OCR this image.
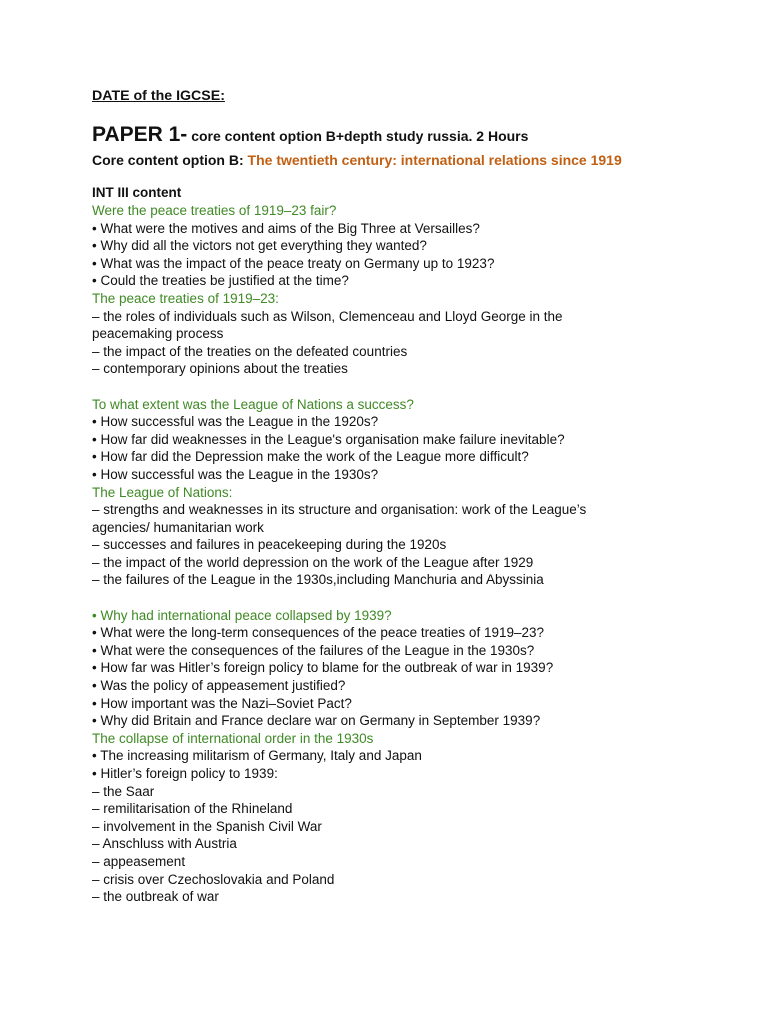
DATE of the IGCSE:

PAPER 1- core content option B+depth study russia. 2 Hours

Core content option B: The twentieth century: international relations since 1919

INT III content

Were the peace treaties of 1919–23 fair?

• What were the motives and aims of the Big Three at Versailles?

• Why did all the victors not get everything they wanted?

• What was the impact of the peace treaty on Germany up to 1923?

• Could the treaties be justified at the time?

The peace treaties of 1919–23:

– the roles of individuals such as Wilson, Clemenceau and Lloyd George in the peacemaking process

– the impact of the treaties on the defeated countries

– contemporary opinions about the treaties

To what extent was the League of Nations a success?

• How successful was the League in the 1920s?

• How far did weaknesses in the League's organisation make failure inevitable?

• How far did the Depression make the work of the League more difficult?

• How successful was the League in the 1930s?

The League of Nations:

– strengths and weaknesses in its structure and organisation: work of the League’s agencies/ humanitarian work

– successes and failures in peacekeeping during the 1920s

– the impact of the world depression on the work of the League after 1929

– the failures of the League in the 1930s,including Manchuria and Abyssinia

• Why had international peace collapsed by 1939?

• What were the long-term consequences of the peace treaties of 1919–23?

• What were the consequences of the failures of the League in the 1930s?

• How far was Hitler’s foreign policy to blame for the outbreak of war in 1939?

• Was the policy of appeasement justified?

• How important was the Nazi–Soviet Pact?

• Why did Britain and France declare war on Germany in September 1939?

The collapse of international order in the 1930s

• The increasing militarism of Germany, Italy and Japan

• Hitler’s foreign policy to 1939:

– the Saar

– remilitarisation of the Rhineland

– involvement in the Spanish Civil War

– Anschluss with Austria

– appeasement

– crisis over Czechoslovakia and Poland

– the outbreak of war
